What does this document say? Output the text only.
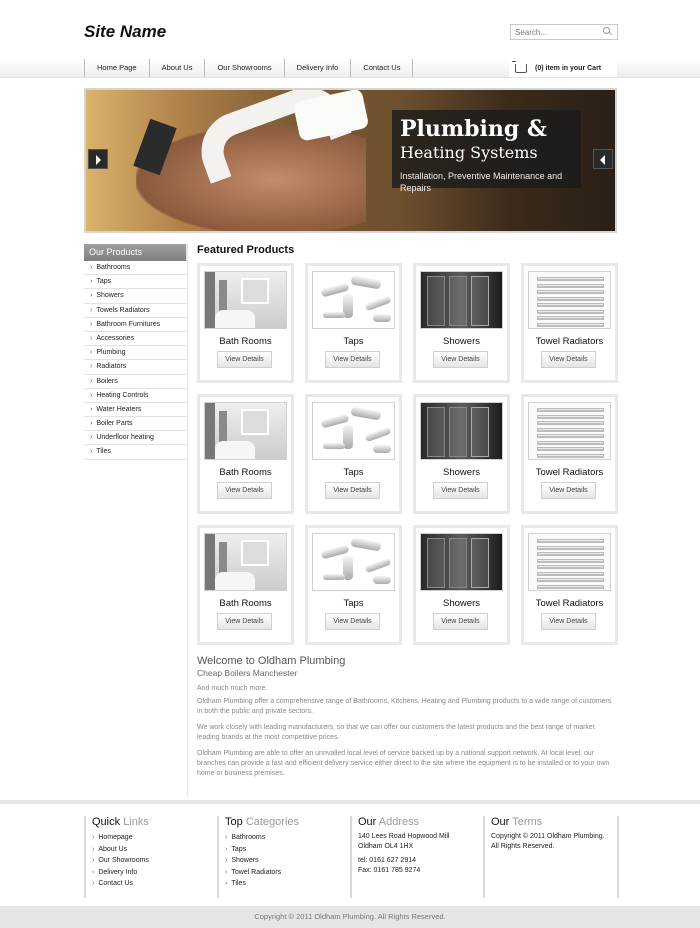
Site Name
Search...
Home Page	About Us	Our Showrooms	Delivery Info	Contact Us	(0) item in your Cart
Plumbing &
Heating Systems
Installation, Preventive Maintenance and Repairs
Our Products
› Bathrooms
› Taps
› Showers
› Towels Radiators
› Bathroom Furnitures
› Accessories
› Plumbing
› Radiators
› Boilers
› Heating Controls
› Water Heaters
› Boiler Parts
› Underfloor heating
› Tiles
Featured Products
Bath Rooms
View Details
Taps
View Details
Showers
View Details
Towel Radiators
View Details
Bath Rooms
View Details
Taps
View Details
Showers
View Details
Towel Radiators
View Details
Bath Rooms
View Details
Taps
View Details
Showers
View Details
Towel Radiators
View Details
Welcome to Oldham Plumbing
Cheap Boilers Manchester

And much much more.

Oldham Plumbing offer a comprehensive range of Bathrooms, Kitchens, Heating and Plumbing products to a wide range of customers in both the public and private sectors.

We work closely with leading manufacturers, so that we can offer our customers the latest products and the best range of market leading brands at the most competitive prices.

Oldham Plumbing are able to offer an unrivalled local level of service backed up by a national support network. At local level, our branches can provide a fast and efficient delivery service either direct to the site where the equipment is to be installed or to your own home or business premises.

Quick Links
› Homepage
› About Us
› Our Showrooms
› Delivery Info
› Contact Us
Top Categories
› Bathrooms
› Taps
› Showers
› Towel Radiators
› Tiles
Our Address

140 Lees Road Hopwood Mill
Oldham OL4 1HX

tel: 0161 627 2914
Fax: 0161 785 9274

Our Terms

Copyright © 2011 Oldham Plumbing.
All Rights Reserved.

Copyright © 2011 Oldham Plumbing. All Rights Reserved.
